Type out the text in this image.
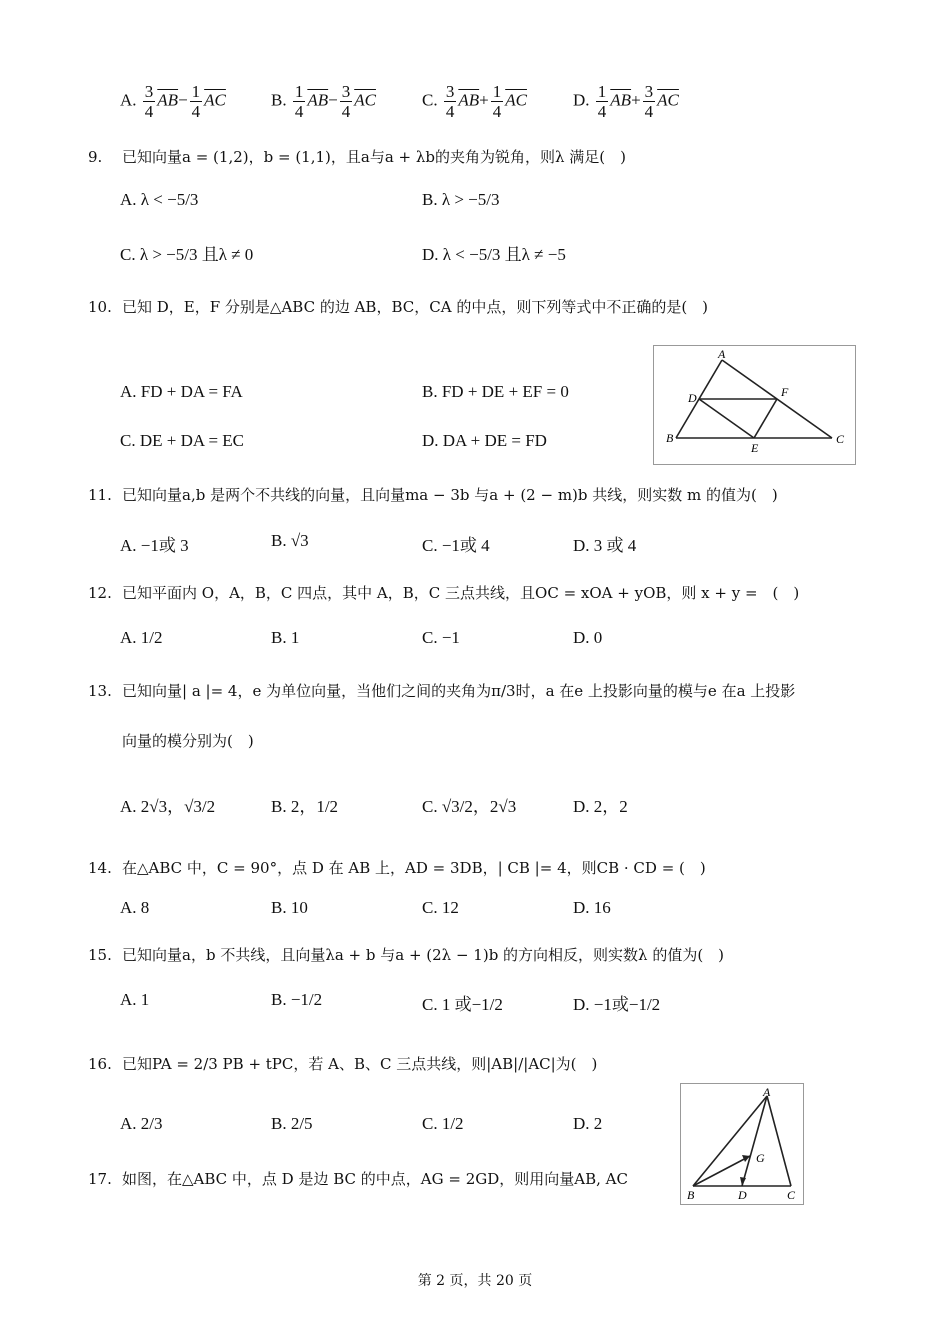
A. $\frac{3}{4} \overline{AB}- \frac{1}{4} \overline{AC}$	B. $\frac{1}{4} \overline{AB}- \frac{3}{4} \overline{AC}$	C. $\frac{3}{4} \overline{AB}+ \frac{1}{4} \overline{AC}$	D. $\frac{1}{4} \overline{AB}+ \frac{3}{4} \overline{AC}$
9. 已知向量a = (1,2)，b = (1,1)，且a与a + λb的夹角为锐角，则λ 满足(　)
A. λ < −5/3	B. λ > −5/3
C. λ > −5/3 且λ ≠ 0	D. λ < −5/3 且λ ≠ −5
10. 已知 D，E，F 分别是△ABC 的边 AB，BC，CA 的中点，则下列等式中不正确的是(　)
A. FD + DA = FA	B. FD + DE + EF = 0
C. DE + DA = EC	D. DA + DE = FD
A
D	F
B
E
C
11. 已知向量a,b 是两个不共线的向量，且向量ma − 3b 与a + (2 − m)b 共线，则实数 m 的值为(　)
A. −1或 3	B. √3	C. −1或 4	D. 3 或 4
12. 已知平面内 O，A，B，C 四点，其中 A，B，C 三点共线，且OC = xOA + yOB，则 x + y =　(　)
A. 1/2	B. 1	C. −1	D. 0
13. 已知向量| a |= 4，e 为单位向量，当他们之间的夹角为π/3时，a 在e 上投影向量的模与e 在a 上投影
向量的模分别为(　)
A. 2√3，√3/2	B. 2，1/2	C. √3/2，2√3	D. 2，2
14. 在△ABC 中，C = 90°，点 D 在 AB 上，AD = 3DB，| CB |= 4，则CB · CD = (　)
A. 8	B. 10	C. 12	D. 16
15. 已知向量a，b 不共线，且向量λa + b 与a + (2λ − 1)b 的方向相反，则实数λ 的值为(　)
A. 1	B. −1/2	C. 1 或−1/2	D. −1或−1/2
16. 已知PA = 2/3 PB + tPC，若 A、B、C 三点共线，则|AB|/|AC|为(　)
A. 2/3	B. 2/5	C. 1/2	D. 2
A
G
B	D	C
17. 如图，在△ABC 中，点 D 是边 BC 的中点，AG = 2GD，则用向量AB, AC
第 2 页，共 20 页
